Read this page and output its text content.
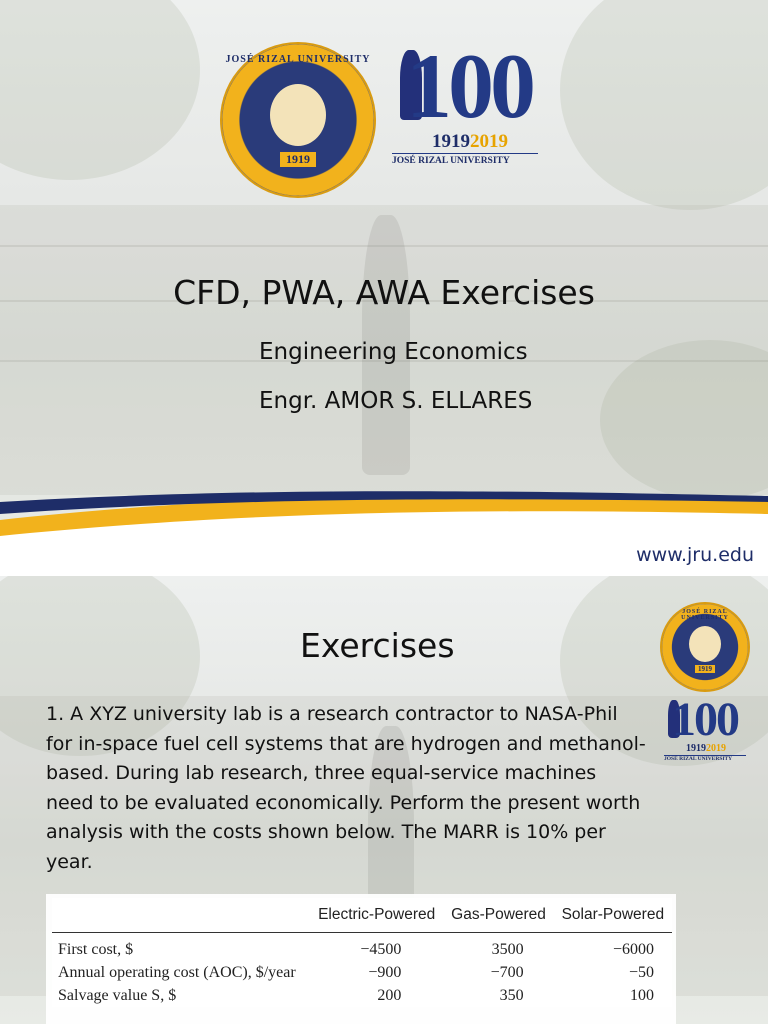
JOSÉ RIZAL UNIVERSITY
1919
100
19192019
JOSÉ RIZAL UNIVERSITY
CFD, PWA, AWA Exercises
Engineering Economics
Engr. AMOR S. ELLARES
www.jru.edu
Exercises
JOSÉ RIZAL UNIVERSITY
1919
100
19192019
JOSÉ RIZAL UNIVERSITY
1. A XYZ university lab is a research contractor to NASA-Phil for in-space fuel cell systems that are hydrogen and methanol-based. During lab research, three equal-service machines need to be evaluated economically. Perform the present worth analysis with the costs shown below. The MARR is 10% per year.
	Electric-Powered	Gas-Powered	Solar-Powered
First cost, $	−4500	3500	−6000
Annual operating cost (AOC), $/year	−900	−700	−50
Salvage value S, $	200	350	100
